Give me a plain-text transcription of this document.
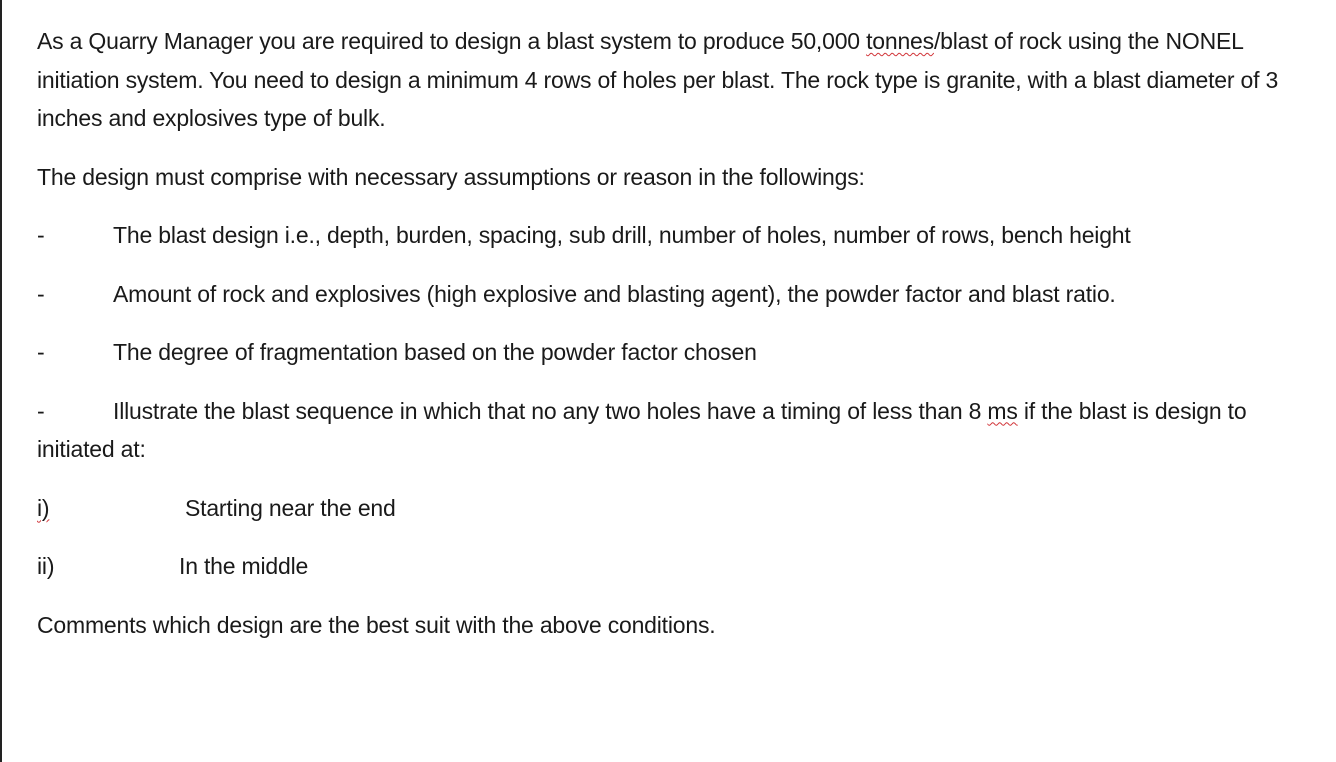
As a Quarry Manager you are required to design a blast system to produce 50,000 tonnes/blast of rock using the NONEL initiation system. You need to design a minimum 4 rows of holes per blast. The rock type is granite, with a blast diameter of 3 inches and explosives type of bulk.

The design must comprise with necessary assumptions or reason in the followings:

-	The blast design i.e., depth, burden, spacing, sub drill, number of holes, number of rows, bench height

-	Amount of rock and explosives (high explosive and blasting agent), the powder factor and blast ratio.

-	The degree of fragmentation based on the powder factor chosen

-	Illustrate the blast sequence in which that no any two holes have a timing of less than 8 ms if the blast is design to initiated at:

i)	Starting near the end

ii)	In the middle

Comments which design are the best suit with the above conditions.
